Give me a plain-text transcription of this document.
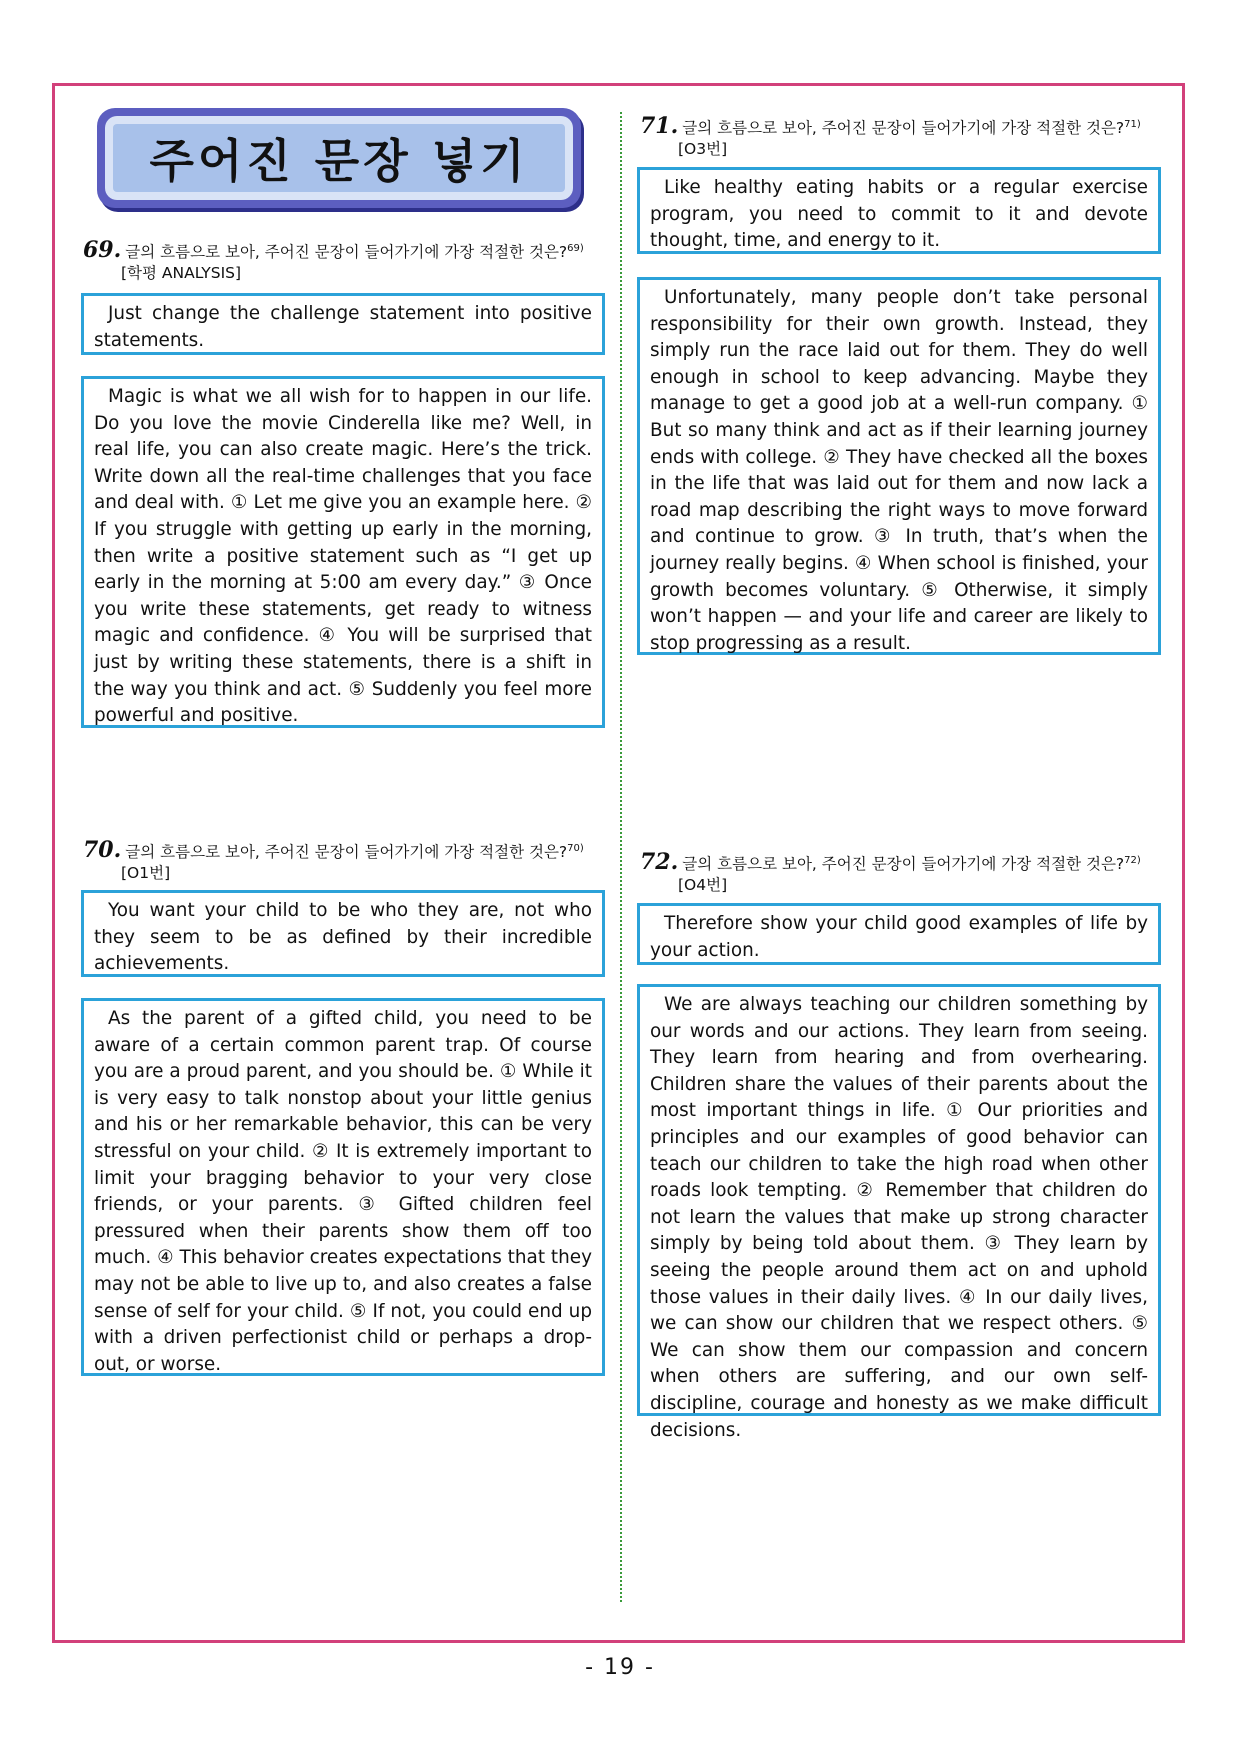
주어진 문장 넣기
69. 글의 흐름으로 보아, 주어진 문장이 들어가기에 가장 적절한 것은?$^{69)}$
[학평 ANALYSIS]
Just change the challenge statement into positive statements.
Magic is what we all wish for to happen in our life. Do you love the movie Cinderella like me? Well, in real life, you can also create magic. Here’s the trick. Write down all the real-time challenges that you face and deal with. ① Let me give you an example here. ② If you struggle with getting up early in the morning, then write a positive statement such as “I get up early in the morning at 5:00 am every day.” ③ Once you write these statements, get ready to witness magic and confidence. ④ You will be surprised that just by writing these statements, there is a shift in the way you think and act. ⑤ Suddenly you feel more powerful and positive.
70. 글의 흐름으로 보아, 주어진 문장이 들어가기에 가장 적절한 것은?$^{70)}$
[O1번]
You want your child to be who they are, not who they seem to be as defined by their incredible achievements.
As the parent of a gifted child, you need to be aware of a certain common parent trap. Of course you are a proud parent, and you should be. ① While it is very easy to talk nonstop about your little genius and his or her remarkable behavior, this can be very stressful on your child. ② It is extremely important to limit your bragging behavior to your very close friends, or your parents. ③ Gifted children feel pressured when their parents show them off too much. ④ This behavior creates expectations that they may not be able to live up to, and also creates a false sense of self for your child. ⑤ If not, you could end up with a driven perfectionist child or perhaps a drop-out, or worse.
71. 글의 흐름으로 보아, 주어진 문장이 들어가기에 가장 적절한 것은?$^{71)}$
[O3번]
Like healthy eating habits or a regular exercise program, you need to commit to it and devote thought, time, and energy to it.
Unfortunately, many people don’t take personal responsibility for their own growth. Instead, they simply run the race laid out for them. They do well enough in school to keep advancing. Maybe they manage to get a good job at a well-run company. ① But so many think and act as if their learning journey ends with college. ② They have checked all the boxes in the life that was laid out for them and now lack a road map describing the right ways to move forward and continue to grow. ③ In truth, that’s when the journey really begins. ④ When school is finished, your growth becomes voluntary. ⑤ Otherwise, it simply won’t happen — and your life and career are likely to stop progressing as a result.
72. 글의 흐름으로 보아, 주어진 문장이 들어가기에 가장 적절한 것은?$^{72)}$
[O4번]
Therefore show your child good examples of life by your action.
We are always teaching our children something by our words and our actions. They learn from seeing. They learn from hearing and from overhearing. Children share the values of their parents about the most important things in life. ① Our priorities and principles and our examples of good behavior can teach our children to take the high road when other roads look tempting. ② Remember that children do not learn the values that make up strong character simply by being told about them. ③ They learn by seeing the people around them act on and uphold those values in their daily lives. ④ In our daily lives, we can show our children that we respect others. ⑤ We can show them our compassion and concern when others are suffering, and our own self-discipline, courage and honesty as we make difficult decisions.
- 19 -
